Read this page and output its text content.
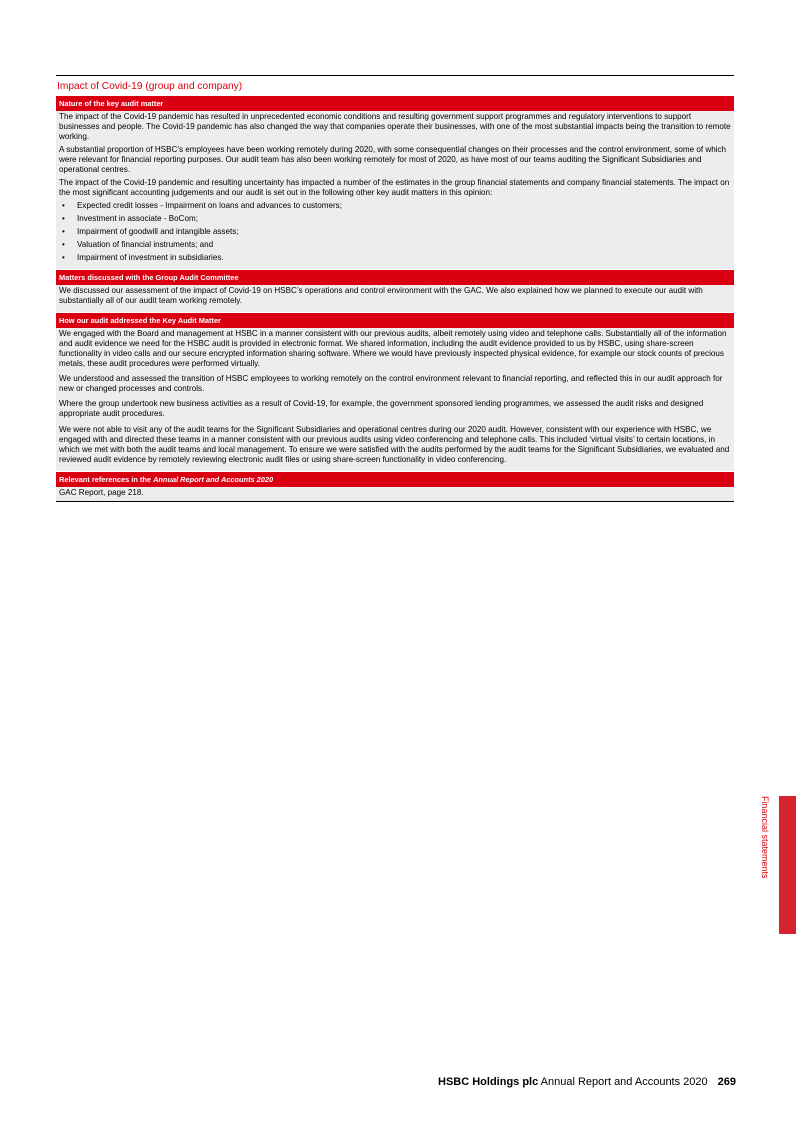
Impact of Covid-19 (group and company)
Nature of the key audit matter

The impact of the Covid-19 pandemic has resulted in unprecedented economic conditions and resulting government support programmes and regulatory interventions to support businesses and people. The Covid-19 pandemic has also changed the way that companies operate their businesses, with one of the most substantial impacts being the transition to remote working.

A substantial proportion of HSBC’s employees have been working remotely during 2020, with some consequential changes on their processes and the control environment, some of which were relevant for financial reporting purposes. Our audit team has also been working remotely for most of 2020, as have most of our teams auditing the Significant Subsidiaries and operational centres.

The impact of the Covid-19 pandemic and resulting uncertainty has impacted a number of the estimates in the group financial statements and company financial statements. The impact on the most significant accounting judgements and our audit is set out in the following other key audit matters in this opinion:

• Expected credit losses - Impairment on loans and advances to customers;
• Investment in associate - BoCom;
• Impairment of goodwill and intangible assets;
• Valuation of financial instruments; and
• Impairment of investment in subsidiaries.
Matters discussed with the Group Audit Committee

We discussed our assessment of the impact of Covid-19 on HSBC’s operations and control environment with the GAC. We also explained how we planned to execute our audit with substantially all of our audit team working remotely.

How our audit addressed the Key Audit Matter

We engaged with the Board and management at HSBC in a manner consistent with our previous audits, albeit remotely using video and telephone calls. Substantially all of the information and audit evidence we need for the HSBC audit is provided in electronic format. We shared information, including the audit evidence provided to us by HSBC, using share-screen functionality in video calls and our secure encrypted information sharing software. Where we would have previously inspected physical evidence, for example our stock counts of precious metals, these audit procedures were performed virtually.

We understood and assessed the transition of HSBC employees to working remotely on the control environment relevant to financial reporting, and reflected this in our audit approach for new or changed processes and controls.

Where the group undertook new business activities as a result of Covid-19, for example, the government sponsored lending programmes, we assessed the audit risks and designed appropriate audit procedures.

We were not able to visit any of the audit teams for the Significant Subsidiaries and operational centres during our 2020 audit. However, consistent with our experience with HSBC, we engaged with and directed these teams in a manner consistent with our previous audits using video conferencing and telephone calls. This included ‘virtual visits’ to certain locations, in which we met with both the audit teams and local management. To ensure we were satisfied with the audits performed by the audit teams for the Significant Subsidiaries, we evaluated and reviewed audit evidence by remotely reviewing electronic audit files or using share-screen functionality in video conferencing.

Relevant references in the Annual Report and Accounts 2020

GAC Report, page 218.

Financial statements
HSBC Holdings plc Annual Report and Accounts 2020 269
